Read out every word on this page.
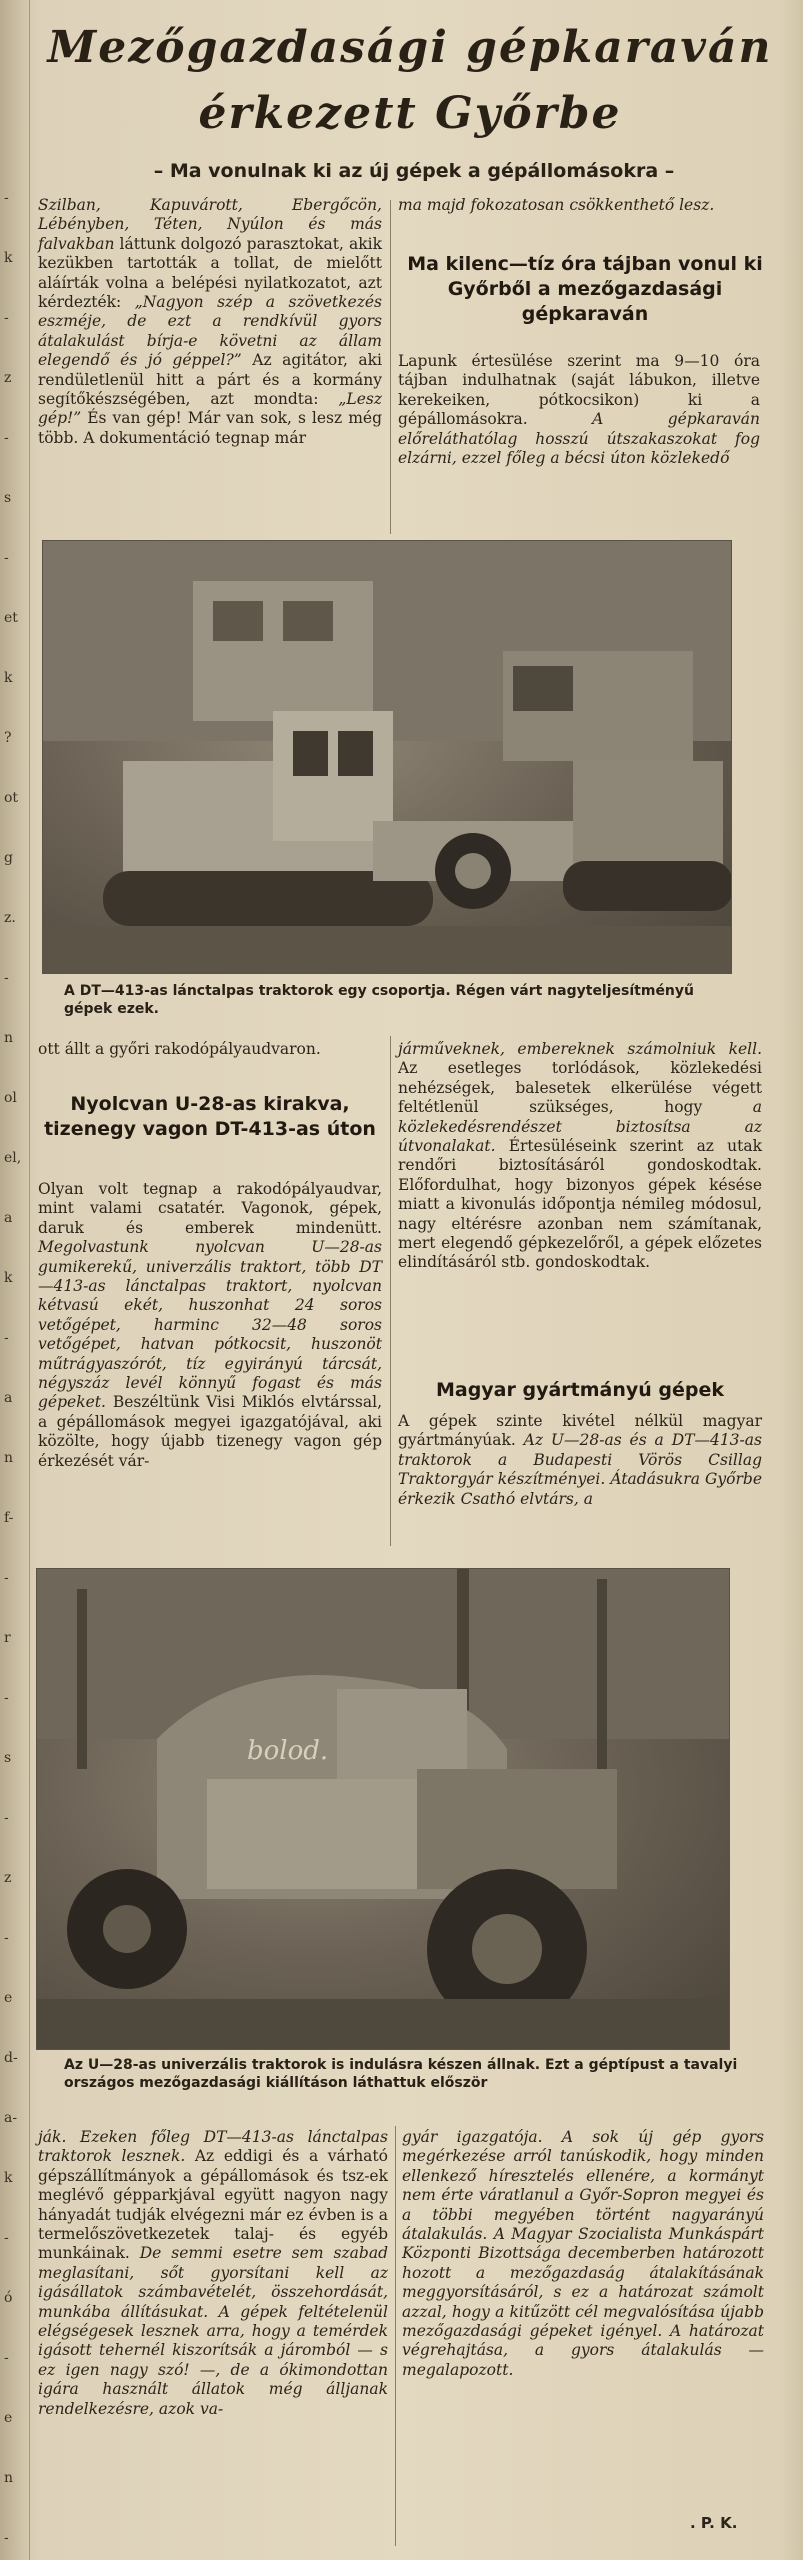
-
k
-
z
-
s
-
et
k
?
ot
g
z.
-
n
ol
el,
a
k
-
a
n
f-
-
r
-
s
-
z
-
e
d-
a-
k
-
ó
-
e
n
-
Mezőgazdasági gépkaraván
érkezett Győrbe
– Ma vonulnak ki az új gépek a gépállomásokra –
Szilban, Kapuvárott, Ebergőcön, Lébényben, Téten, Nyúlon és más falvakban láttunk dolgozó parasztokat, akik kezükben tartották a tollat, de mielőtt aláírták volna a belépési nyilatkozatot, azt kérdezték: „Nagyon szép a szövetkezés eszméje, de ezt a rendkívül gyors átalakulást bírja-e követni az állam elegendő és jó géppel?” Az agitátor, aki rendületlenül hitt a párt és a kormány segítőkészségében, azt mondta: „Lesz gép!” És van gép! Már van sok, s lesz még több. A dokumentáció tegnap már
ma majd fokozatosan csökkenthető lesz.
Ma kilenc—tíz óra tájban vonul ki Győrből a mezőgazdasági gépkaraván
Lapunk értesülése szerint ma 9—10 óra tájban indulhatnak (saját lábukon, illetve kerekeiken, pótkocsikon) ki a gépállomásokra. A gépkaraván előreláthatólag hosszú útszakaszokat fog elzárni, ezzel főleg a bécsi úton közlekedő
A DT—413-as lánctalpas traktorok egy csoportja. Régen várt nagyteljesítményű gépek ezek.
ott állt a győri rakodópályaudvaron.
Nyolcvan U-28-as kirakva, tizenegy vagon DT-413-as úton
Olyan volt tegnap a rakodópályaudvar, mint valami csatatér. Vagonok, gépek, daruk és emberek mindenütt. Megolvastunk nyolcvan U—28-as gumikerekű, univerzális traktort, több DT—413-as lánctalpas traktort, nyolcvan kétvasú ekét, huszonhat 24 soros vetőgépet, harminc 32—48 soros vetőgépet, hatvan pótkocsit, huszonöt műtrágyaszórót, tíz egyirányú tárcsát, négyszáz levél könnyű fogast és más gépeket. Beszéltünk Visi Miklós elvtárssal, a gépállomások megyei igazgatójával, aki közölte, hogy újabb tizenegy vagon gép érkezését vár-
járműveknek, embereknek számolniuk kell. Az esetleges torlódások, közlekedési nehézségek, balesetek elkerülése végett feltétlenül szükséges, hogy a közlekedésrendészet biztosítsa az útvonalakat. Értesüléseink szerint az utak rendőri biztosításáról gondoskodtak. Előfordulhat, hogy bizonyos gépek késése miatt a kivonulás időpontja némileg módosul, nagy eltérésre azonban nem számítanak, mert elegendő gépkezelőről, a gépek előzetes elindításáról stb. gondoskodtak.
Magyar gyártmányú gépek
A gépek szinte kivétel nélkül magyar gyártmányúak. Az U—28-as és a DT—413-as traktorok a Budapesti Vörös Csillag Traktorgyár készítményei. Átadásukra Győrbe érkezik Csathó elvtárs, a
bolod.
Az U—28-as univerzális traktorok is indulásra készen állnak. Ezt a géptípust a tavalyi országos mezőgazdasági kiállításon láthattuk először
ják. Ezeken főleg DT—413-as lánctalpas traktorok lesznek. Az eddigi és a várható gépszállítmányok a gépállomások és tsz-ek meglévő gépparkjával együtt nagyon nagy hányadát tudják elvégezni már ez évben is a termelőszövetkezetek talaj- és egyéb munkáinak. De semmi esetre sem szabad meglasítani, sőt gyorsítani kell az igásállatok számbavételét, összehordását, munkába állításukat. A gépek feltételenül elégségesek lesznek arra, hogy a temérdek igásott tehernél kiszorítsák a járomból — s ez igen nagy szó! —, de a ókimondottan igára használt állatok még álljanak rendelkezésre, azok va-
gyár igazgatója. A sok új gép gyors megérkezése arról tanúskodik, hogy minden ellenkező híresztelés ellenére, a kormányt nem érte váratlanul a Győr-Sopron megyei és a többi megyében történt nagyarányú átalakulás. A Magyar Szocialista Munkáspárt Központi Bizottsága decemberben határozott hozott a mezőgazdaság átalakításának meggyorsításáról, s ez a határozat számolt azzal, hogy a kitűzött cél megvalósítása újabb mezőgazdasági gépeket igényel. A határozat végrehajtása, a gyors átalakulás — megalapozott.
. P. K.
